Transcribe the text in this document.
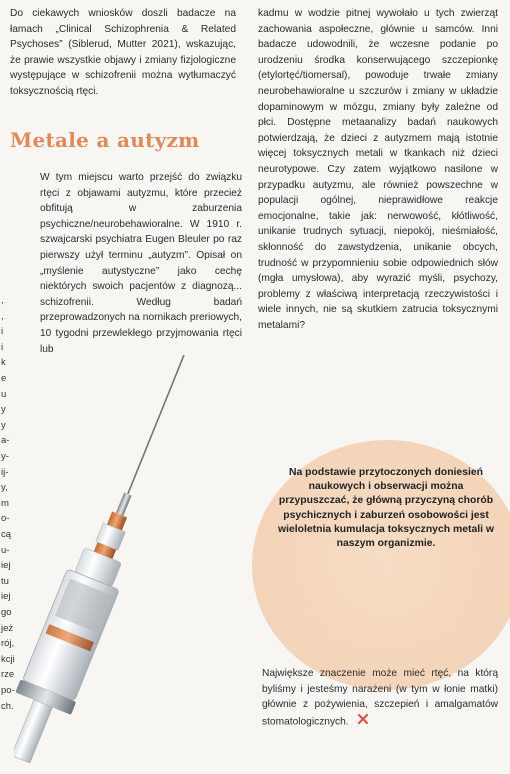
Do ciekawych wniosków doszli badacze na łamach „Clinical Schizophrenia & Related Psychoses” (Siblerud, Mutter 2021), wskazując, że prawie wszystkie objawy i zmiany fizjologiczne występujące w schizofrenii można wytłumaczyć toksycznością rtęci.

Metale a autyzm

W tym miejscu warto przejść do związku rtęci z objawami autyzmu, które przecież obfitują w zaburzenia psychiczne/neurobehawioralne. W 1910 r. szwajcarski psychiatra Eugen Bleuler po raz pierwszy użył terminu „autyzm”. Opisał on „myślenie autystyczne” jako cechę niektórych swoich pacjentów z diagnozą... schizofrenii. Według badań przeprowadzonych na nornikach preriowych, 10 tygodni przewlekłego przyjmowania rtęci lub

,
,
i
i
k
e
u
y
y
a-
y-
ij-
y,
m
o-
cą
u-
iej
tu
iej
go
jeż
rój,
kcji
rze
po-
ch.

kadmu w wodzie pitnej wywołało u tych zwierząt zachowania aspołeczne, głównie u samców. Inni badacze udowodnili, że wczesne podanie po urodzeniu środka konserwującego szczepionkę (etylortęć/tiomersal), powoduje trwałe zmiany neurobehawioralne u szczurów i zmiany w układzie dopaminowym w mózgu, zmiany były zależne od płci. Dostępne metaanalizy badań naukowych potwierdzają, że dzieci z autyzmem mają istotnie więcej toksycznych metali w tkankach niż dzieci neurotypowe. Czy zatem wyjątkowo nasilone w przypadku autyzmu, ale również powszechne w populacji ogólnej, nieprawidłowe reakcje emocjonalne, takie jak: nerwowość, kłótliwość, unikanie trudnych sytuacji, niepokój, nieśmiałość, skłonność do zawstydzenia, unikanie obcych, trudność w przypomnieniu sobie odpowiednich słów (mgła umysłowa), aby wyrazić myśli, psychozy, problemy z właściwą interpretacją rzeczywistości i wiele innych, nie są skutkiem zatrucia toksycznymi metalami?

Na podstawie przytoczonych doniesień naukowych i obserwacji można przypuszczać, że główną przyczyną chorób psychicznych i zaburzeń osobowości jest wieloletnia kumulacja toksycznych metali w naszym organizmie.

Największe znaczenie może mieć rtęć, na którą byliśmy i jesteśmy narażeni (w tym w łonie matki) głównie z pożywienia, szczepień i amalgamatów stomatologicznych.
